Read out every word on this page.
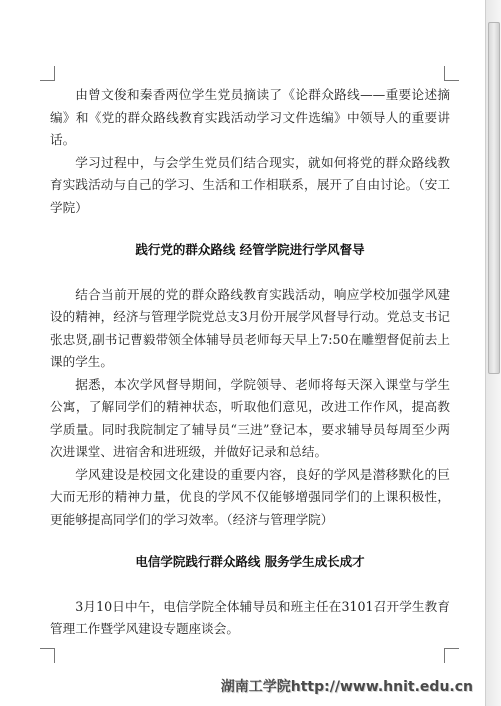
由曾文俊和秦香两位学生党员摘读了《论群众路线——重要论述摘编》和《党的群众路线教育实践活动学习文件选编》中领导人的重要讲话。

学习过程中，与会学生党员们结合现实，就如何将党的群众路线教育实践活动与自己的学习、生活和工作相联系，展开了自由讨论。（安工学院）

践行党的群众路线 经管学院进行学风督导

结合当前开展的党的群众路线教育实践活动，响应学校加强学风建设的精神，经济与管理学院党总支3月份开展学风督导行动。党总支书记张忠贤,副书记曹毅带领全体辅导员老师每天早上7:50在雕塑督促前去上课的学生。

据悉，本次学风督导期间，学院领导、老师将每天深入课堂与学生公寓，了解同学们的精神状态，听取他们意见，改进工作作风，提高教学质量。同时我院制定了辅导员“三进”登记本，要求辅导员每周至少两次进课堂、进宿舍和进班级，并做好记录和总结。

学风建设是校园文化建设的重要内容，良好的学风是潜移默化的巨大而无形的精神力量，优良的学风不仅能够增强同学们的上课积极性，更能够提高同学们的学习效率。（经济与管理学院）

电信学院践行群众路线 服务学生成长成才

3月10日中午，电信学院全体辅导员和班主任在3101召开学生教育管理工作暨学风建设专题座谈会。

湖南工学院http://www.hnit.edu.cn
